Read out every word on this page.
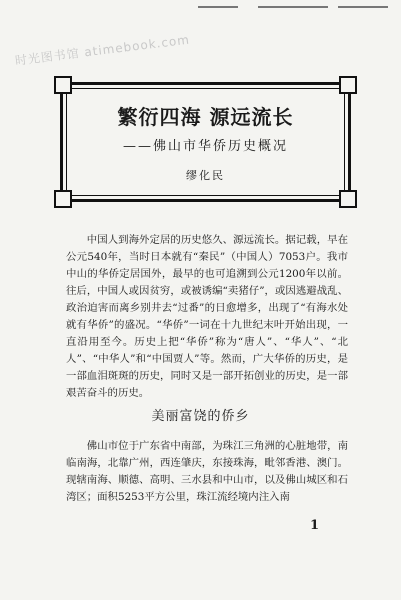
时光图书馆 atimebook.com
繁衍四海 源远流长
——佛山市华侨历史概况
缪化民

中国人到海外定居的历史悠久、源远流长。据记载，早在公元540年，当时日本就有“秦民”（中国人）7053户。我市中山的华侨定居国外，最早的也可追溯到公元1200年以前。往后，中国人或因贫穷，或被诱编“卖猪仔”，或因逃避战乱、政治迫害而离乡别井去“过番”的日愈增多，出现了“有海水处就有华侨”的盛况。“华侨”一词在十九世纪末叶开始出现，一直沿用至今。历史上把“华侨”称为“唐人”、“华人”、“北人”、“中华人”和“中国贾人”等。然而，广大华侨的历史，是一部血泪斑斑的历史，同时又是一部开拓创业的历史，是一部艰苦奋斗的历史。

美丽富饶的侨乡

佛山市位于广东省中南部，为珠江三角洲的心脏地带，南临南海，北靠广州，西连肇庆，东接珠海，毗邻香港、澳门。现辖南海、顺德、高明、三水县和中山市，以及佛山城区和石湾区；面积5253平方公里，珠江流经境内注入南

1
